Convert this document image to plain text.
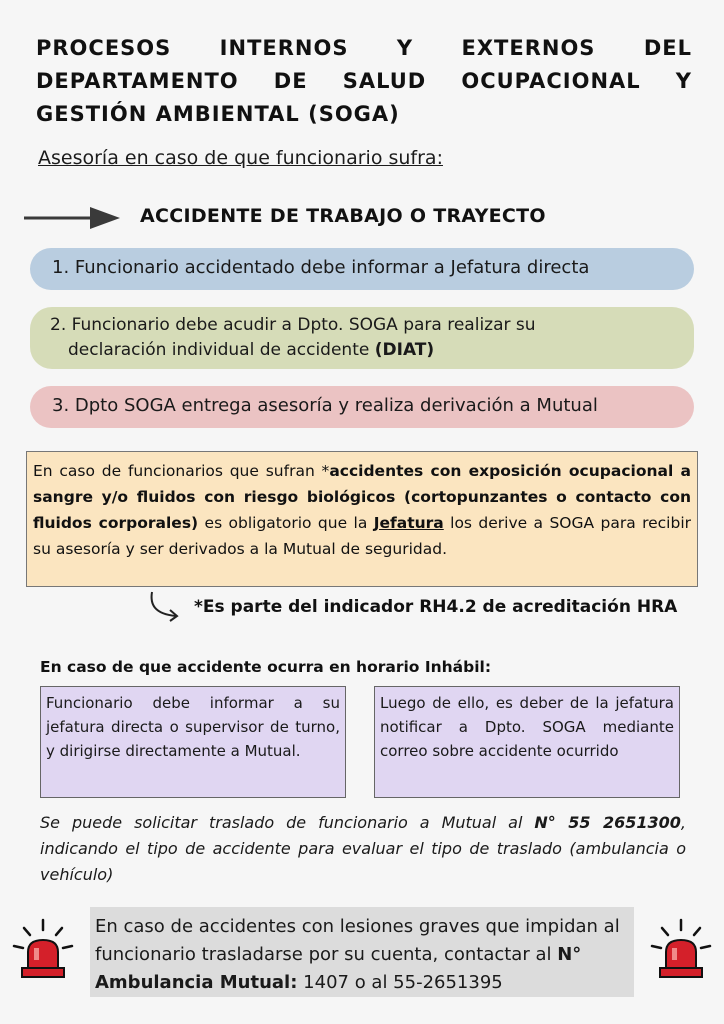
PROCESOS INTERNOS Y EXTERNOS DEL
DEPARTAMENTO DE SALUD OCUPACIONAL Y
GESTIÓN AMBIENTAL (SOGA)
Asesoría en caso de que funcionario sufra:
ACCIDENTE DE TRABAJO O TRAYECTO
1. Funcionario accidentado debe informar a Jefatura directa
2. Funcionario debe acudir a Dpto. SOGA para realizar su
declaración individual de accidente (DIAT)
3. Dpto SOGA entrega asesoría y realiza derivación a Mutual
En caso de funcionarios que sufran *accidentes con exposición ocupacional a sangre y/o fluidos con riesgo biológicos (cortopunzantes o contacto con fluidos corporales) es obligatorio que la Jefatura los derive a SOGA para recibir su asesoría y ser derivados a la Mutual de seguridad.
*Es parte del indicador RH4.2 de acreditación HRA
En caso de que accidente ocurra en horario Inhábil:
Funcionario debe informar a su jefatura directa o supervisor de turno, y dirigirse directamente a Mutual.
Luego de ello, es deber de la jefatura notificar a Dpto. SOGA mediante correo sobre accidente ocurrido
Se puede solicitar traslado de funcionario a Mutual al N° 55 2651300, indicando el tipo de accidente para evaluar el tipo de traslado (ambulancia o vehículo)
En caso de accidentes con lesiones graves que impidan al funcionario trasladarse por su cuenta, contactar al N° Ambulancia Mutual: 1407 o al 55-2651395
